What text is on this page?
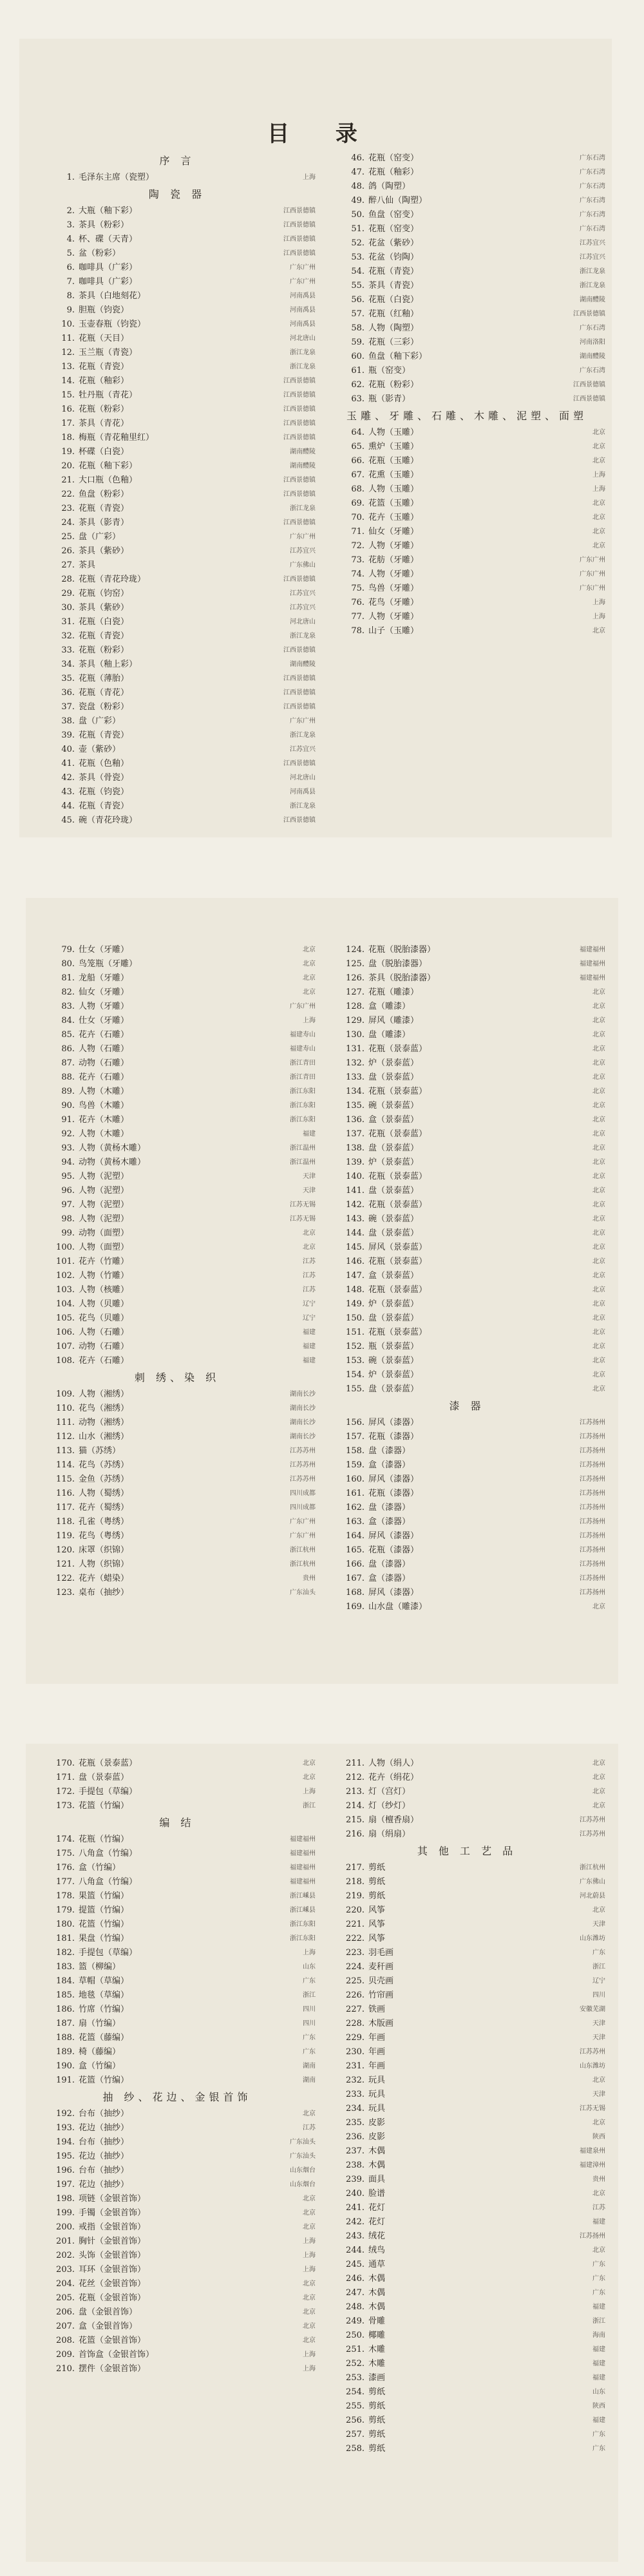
目 录
序 言
1. 毛泽东主席（瓷塑）	上海
陶 瓷 器
2. 大瓶（釉下彩）	江西景德镇
3. 茶具（粉彩）	江西景德镇
4. 杯、碟（天青）	江西景德镇
5. 盆（粉彩）	江西景德镇
6. 咖啡具（广彩）	广东广州
7. 咖啡具（广彩）	广东广州
8. 茶具（白地刻花）	河南禹县
9. 胆瓶（钧瓷）	河南禹县
10. 玉壶春瓶（钧瓷）	河南禹县
11. 花瓶（天目）	河北唐山
12. 玉兰瓶（青瓷）	浙江龙泉
13. 花瓶（青瓷）	浙江龙泉
14. 花瓶（釉彩）	江西景德镇
15. 牡丹瓶（青花）	江西景德镇
16. 花瓶（粉彩）	江西景德镇
17. 茶具（青花）	江西景德镇
18. 梅瓶（青花釉里红）	江西景德镇
19. 杯碟（白瓷）	湖南醴陵
20. 花瓶（釉下彩）	湖南醴陵
21. 大口瓶（色釉）	江西景德镇
22. 鱼盘（粉彩）	江西景德镇
23. 花瓶（青瓷）	浙江龙泉
24. 茶具（影青）	江西景德镇
25. 盘（广彩）	广东广州
26. 茶具（紫砂）	江苏宜兴
27. 茶具	广东佛山
28. 花瓶（青花玲珑）	江西景德镇
29. 花瓶（钧窑）	江苏宜兴
30. 茶具（紫砂）	江苏宜兴
31. 花瓶（白瓷）	河北唐山
32. 花瓶（青瓷）	浙江龙泉
33. 花瓶（粉彩）	江西景德镇
34. 茶具（釉上彩）	湖南醴陵
35. 花瓶（薄胎）	江西景德镇
36. 花瓶（青花）	江西景德镇
37. 瓷盘（粉彩）	江西景德镇
38. 盘（广彩）	广东广州
39. 花瓶（青瓷）	浙江龙泉
40. 壶（紫砂）	江苏宜兴
41. 花瓶（色釉）	江西景德镇
42. 茶具（骨瓷）	河北唐山
43. 花瓶（钧瓷）	河南禹县
44. 花瓶（青瓷）	浙江龙泉
45. 碗（青花玲珑）	江西景德镇
46. 花瓶（窑变）	广东石湾
47. 花瓶（釉彩）	广东石湾
48. 鸽（陶塑）	广东石湾
49. 醉八仙（陶塑）	广东石湾
50. 鱼盘（窑变）	广东石湾
51. 花瓶（窑变）	广东石湾
52. 花盆（紫砂）	江苏宜兴
53. 花盆（钧陶）	江苏宜兴
54. 花瓶（青瓷）	浙江龙泉
55. 茶具（青瓷）	浙江龙泉
56. 花瓶（白瓷）	湖南醴陵
57. 花瓶（红釉）	江西景德镇
58. 人物（陶塑）	广东石湾
59. 花瓶（三彩）	河南洛阳
60. 鱼盘（釉下彩）	湖南醴陵
61. 瓶（窑变）	广东石湾
62. 花瓶（粉彩）	江西景德镇
63. 瓶（影青）	江西景德镇
玉雕、牙雕、石雕、木雕、泥塑、面塑
64. 人物（玉雕）	北京
65. 熏炉（玉雕）	北京
66. 花瓶（玉雕）	北京
67. 花熏（玉雕）	上海
68. 人物（玉雕）	上海
69. 花篮（玉雕）	北京
70. 花卉（玉雕）	北京
71. 仙女（牙雕）	北京
72. 人物（牙雕）	北京
73. 花舫（牙雕）	广东广州
74. 人物（牙雕）	广东广州
75. 鸟兽（牙雕）	广东广州
76. 花鸟（牙雕）	上海
77. 人物（牙雕）	上海
78. 山子（玉雕）	北京
79. 仕女（牙雕）	北京
80. 鸟笼瓶（牙雕）	北京
81. 龙船（牙雕）	北京
82. 仙女（牙雕）	北京
83. 人物（牙雕）	广东广州
84. 仕女（牙雕）	上海
85. 花卉（石雕）	福建寿山
86. 人物（石雕）	福建寿山
87. 动物（石雕）	浙江青田
88. 花卉（石雕）	浙江青田
89. 人物（木雕）	浙江东阳
90. 鸟兽（木雕）	浙江东阳
91. 花卉（木雕）	浙江东阳
92. 人物（木雕）	福建
93. 人物（黄杨木雕）	浙江温州
94. 动物（黄杨木雕）	浙江温州
95. 人物（泥塑）	天津
96. 人物（泥塑）	天津
97. 人物（泥塑）	江苏无锡
98. 人物（泥塑）	江苏无锡
99. 动物（面塑）	北京
100. 人物（面塑）	北京
101. 花卉（竹雕）	江苏
102. 人物（竹雕）	江苏
103. 人物（核雕）	江苏
104. 人物（贝雕）	辽宁
105. 花鸟（贝雕）	辽宁
106. 人物（石雕）	福建
107. 动物（石雕）	福建
108. 花卉（石雕）	福建
刺 绣、染 织
109. 人物（湘绣）	湖南长沙
110. 花鸟（湘绣）	湖南长沙
111. 动物（湘绣）	湖南长沙
112. 山水（湘绣）	湖南长沙
113. 猫（苏绣）	江苏苏州
114. 花鸟（苏绣）	江苏苏州
115. 金鱼（苏绣）	江苏苏州
116. 人物（蜀绣）	四川成都
117. 花卉（蜀绣）	四川成都
118. 孔雀（粤绣）	广东广州
119. 花鸟（粤绣）	广东广州
120. 床罩（织锦）	浙江杭州
121. 人物（织锦）	浙江杭州
122. 花卉（蜡染）	贵州
123. 桌布（抽纱）	广东汕头
124. 花瓶（脱胎漆器）	福建福州
125. 盘（脱胎漆器）	福建福州
126. 茶具（脱胎漆器）	福建福州
127. 花瓶（雕漆）	北京
128. 盒（雕漆）	北京
129. 屏风（雕漆）	北京
130. 盘（雕漆）	北京
131. 花瓶（景泰蓝）	北京
132. 炉（景泰蓝）	北京
133. 盘（景泰蓝）	北京
134. 花瓶（景泰蓝）	北京
135. 碗（景泰蓝）	北京
136. 盒（景泰蓝）	北京
137. 花瓶（景泰蓝）	北京
138. 盘（景泰蓝）	北京
139. 炉（景泰蓝）	北京
140. 花瓶（景泰蓝）	北京
141. 盘（景泰蓝）	北京
142. 花瓶（景泰蓝）	北京
143. 碗（景泰蓝）	北京
144. 盘（景泰蓝）	北京
145. 屏风（景泰蓝）	北京
146. 花瓶（景泰蓝）	北京
147. 盒（景泰蓝）	北京
148. 花瓶（景泰蓝）	北京
149. 炉（景泰蓝）	北京
150. 盘（景泰蓝）	北京
151. 花瓶（景泰蓝）	北京
152. 瓶（景泰蓝）	北京
153. 碗（景泰蓝）	北京
154. 炉（景泰蓝）	北京
155. 盘（景泰蓝）	北京
漆 器
156. 屏风（漆器）	江苏扬州
157. 花瓶（漆器）	江苏扬州
158. 盘（漆器）	江苏扬州
159. 盒（漆器）	江苏扬州
160. 屏风（漆器）	江苏扬州
161. 花瓶（漆器）	江苏扬州
162. 盘（漆器）	江苏扬州
163. 盒（漆器）	江苏扬州
164. 屏风（漆器）	江苏扬州
165. 花瓶（漆器）	江苏扬州
166. 盘（漆器）	江苏扬州
167. 盒（漆器）	江苏扬州
168. 屏风（漆器）	江苏扬州
169. 山水盘（雕漆）	北京
170. 花瓶（景泰蓝）	北京
171. 盘（景泰蓝）	北京
172. 手提包（草编）	上海
173. 花篮（竹编）	浙江
编 结
174. 花瓶（竹编）	福建福州
175. 八角盒（竹编）	福建福州
176. 盒（竹编）	福建福州
177. 八角盒（竹编）	福建福州
178. 果篮（竹编）	浙江嵊县
179. 提篮（竹编）	浙江嵊县
180. 花篮（竹编）	浙江东阳
181. 果盘（竹编）	浙江东阳
182. 手提包（草编）	上海
183. 篮（柳编）	山东
184. 草帽（草编）	广东
185. 地毯（草编）	浙江
186. 竹席（竹编）	四川
187. 扇（竹编）	四川
188. 花篮（藤编）	广东
189. 椅（藤编）	广东
190. 盒（竹编）	湖南
191. 花篮（竹编）	湖南
抽 纱、花边、金银首饰
192. 台布（抽纱）	北京
193. 花边（抽纱）	江苏
194. 台布（抽纱）	广东汕头
195. 花边（抽纱）	广东汕头
196. 台布（抽纱）	山东烟台
197. 花边（抽纱）	山东烟台
198. 项链（金银首饰）	北京
199. 手镯（金银首饰）	北京
200. 戒指（金银首饰）	北京
201. 胸针（金银首饰）	上海
202. 头饰（金银首饰）	上海
203. 耳环（金银首饰）	上海
204. 花丝（金银首饰）	北京
205. 花瓶（金银首饰）	北京
206. 盘（金银首饰）	北京
207. 盒（金银首饰）	北京
208. 花篮（金银首饰）	北京
209. 首饰盒（金银首饰）	上海
210. 摆件（金银首饰）	上海
211. 人物（绢人）	北京
212. 花卉（绢花）	北京
213. 灯（宫灯）	北京
214. 灯（纱灯）	北京
215. 扇（檀香扇）	江苏苏州
216. 扇（绢扇）	江苏苏州
其 他 工 艺 品
217. 剪纸	浙江杭州
218. 剪纸	广东佛山
219. 剪纸	河北蔚县
220. 风筝	北京
221. 风筝	天津
222. 风筝	山东潍坊
223. 羽毛画	广东
224. 麦秆画	浙江
225. 贝壳画	辽宁
226. 竹帘画	四川
227. 铁画	安徽芜湖
228. 木版画	天津
229. 年画	天津
230. 年画	江苏苏州
231. 年画	山东潍坊
232. 玩具	北京
233. 玩具	天津
234. 玩具	江苏无锡
235. 皮影	北京
236. 皮影	陕西
237. 木偶	福建泉州
238. 木偶	福建漳州
239. 面具	贵州
240. 脸谱	北京
241. 花灯	江苏
242. 花灯	福建
243. 绒花	江苏扬州
244. 绒鸟	北京
245. 通草	广东
246. 木偶	广东
247. 木偶	广东
248. 木偶	福建
249. 骨雕	浙江
250. 椰雕	海南
251. 木雕	福建
252. 木雕	福建
253. 漆画	福建
254. 剪纸	山东
255. 剪纸	陕西
256. 剪纸	福建
257. 剪纸	广东
258. 剪纸	广东
